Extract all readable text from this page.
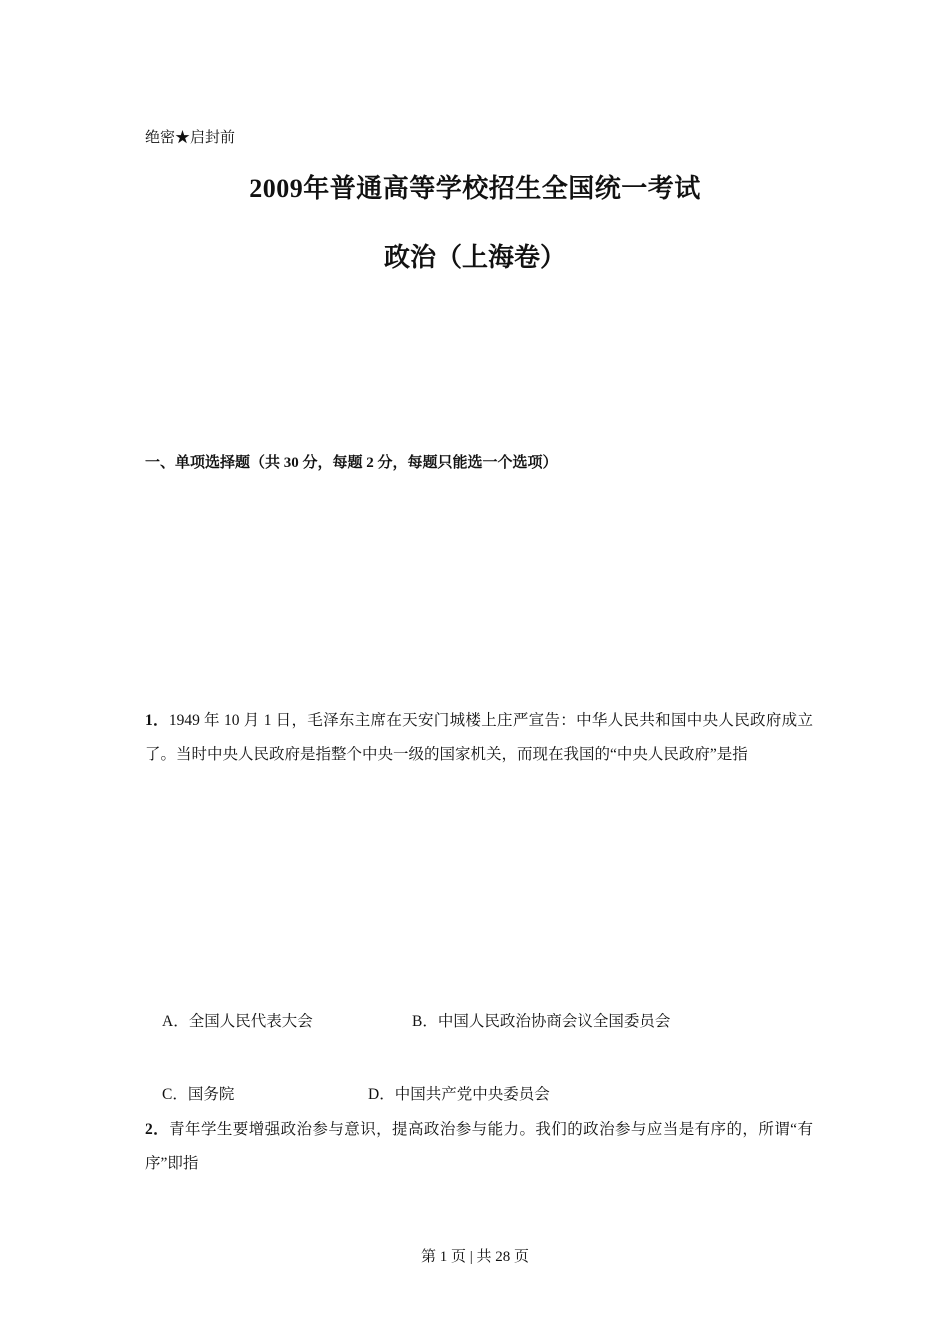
绝密★启封前
2009年普通高等学校招生全国统一考试
政治（上海卷）
一、单项选择题（共 30 分，每题 2 分，每题只能选一个选项）
1．1949 年 10 月 1 日，毛泽东主席在天安门城楼上庄严宣告：中华人民共和国中央人民政府成立了。当时中央人民政府是指整个中央一级的国家机关，而现在我国的“中央人民政府”是指
A．全国人民代表大会	B．中国人民政治协商会议全国委员会
C．国务院	D．中国共产党中央委员会
2．青年学生要增强政治参与意识，提高政治参与能力。我们的政治参与应当是有序的，所谓“有序”即指
第 1 页 | 共 28 页
